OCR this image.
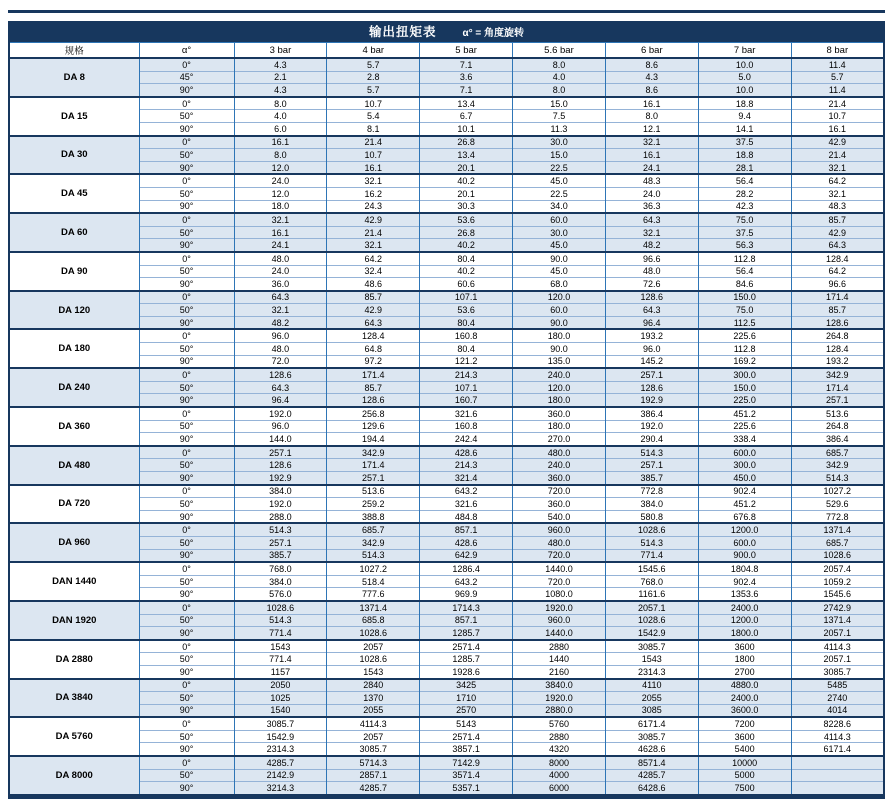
输出扭矩表	α° = 角度旋转
规格	α°	3 bar	4 bar	5 bar	5.6 bar	6 bar	7 bar	8 bar
DA 8	0°	4.3	5.7	7.1	8.0	8.6	10.0	11.4
	45°	2.1	2.8	3.6	4.0	4.3	5.0	5.7
	90°	4.3	5.7	7.1	8.0	8.6	10.0	11.4
DA 15	0°	8.0	10.7	13.4	15.0	16.1	18.8	21.4
	50°	4.0	5.4	6.7	7.5	8.0	9.4	10.7
	90°	6.0	8.1	10.1	11.3	12.1	14.1	16.1
DA 30	0°	16.1	21.4	26.8	30.0	32.1	37.5	42.9
	50°	8.0	10.7	13.4	15.0	16.1	18.8	21.4
	90°	12.0	16.1	20.1	22.5	24.1	28.1	32.1
DA 45	0°	24.0	32.1	40.2	45.0	48.3	56.4	64.2
	50°	12.0	16.2	20.1	22.5	24.0	28.2	32.1
	90°	18.0	24.3	30.3	34.0	36.3	42.3	48.3
DA 60	0°	32.1	42.9	53.6	60.0	64.3	75.0	85.7
	50°	16.1	21.4	26.8	30.0	32.1	37.5	42.9
	90°	24.1	32.1	40.2	45.0	48.2	56.3	64.3
DA 90	0°	48.0	64.2	80.4	90.0	96.6	112.8	128.4
	50°	24.0	32.4	40.2	45.0	48.0	56.4	64.2
	90°	36.0	48.6	60.6	68.0	72.6	84.6	96.6
DA 120	0°	64.3	85.7	107.1	120.0	128.6	150.0	171.4
	50°	32.1	42.9	53.6	60.0	64.3	75.0	85.7
	90°	48.2	64.3	80.4	90.0	96.4	112.5	128.6
DA 180	0°	96.0	128.4	160.8	180.0	193.2	225.6	264.8
	50°	48.0	64.8	80.4	90.0	96.0	112.8	128.4
	90°	72.0	97.2	121.2	135.0	145.2	169.2	193.2
DA 240	0°	128.6	171.4	214.3	240.0	257.1	300.0	342.9
	50°	64.3	85.7	107.1	120.0	128.6	150.0	171.4
	90°	96.4	128.6	160.7	180.0	192.9	225.0	257.1
DA 360	0°	192.0	256.8	321.6	360.0	386.4	451.2	513.6
	50°	96.0	129.6	160.8	180.0	192.0	225.6	264.8
	90°	144.0	194.4	242.4	270.0	290.4	338.4	386.4
DA 480	0°	257.1	342.9	428.6	480.0	514.3	600.0	685.7
	50°	128.6	171.4	214.3	240.0	257.1	300.0	342.9
	90°	192.9	257.1	321.4	360.0	385.7	450.0	514.3
DA 720	0°	384.0	513.6	643.2	720.0	772.8	902.4	1027.2
	50°	192.0	259.2	321.6	360.0	384.0	451.2	529.6
	90°	288.0	388.8	484.8	540.0	580.8	676.8	772.8
DA 960	0°	514.3	685.7	857.1	960.0	1028.6	1200.0	1371.4
	50°	257.1	342.9	428.6	480.0	514.3	600.0	685.7
	90°	385.7	514.3	642.9	720.0	771.4	900.0	1028.6
DAN 1440	0°	768.0	1027.2	1286.4	1440.0	1545.6	1804.8	2057.4
	50°	384.0	518.4	643.2	720.0	768.0	902.4	1059.2
	90°	576.0	777.6	969.9	1080.0	1161.6	1353.6	1545.6
DAN 1920	0°	1028.6	1371.4	1714.3	1920.0	2057.1	2400.0	2742.9
	50°	514.3	685.8	857.1	960.0	1028.6	1200.0	1371.4
	90°	771.4	1028.6	1285.7	1440.0	1542.9	1800.0	2057.1
DA 2880	0°	1543	2057	2571.4	2880	3085.7	3600	4114.3
	50°	771.4	1028.6	1285.7	1440	1543	1800	2057.1
	90°	1157	1543	1928.6	2160	2314.3	2700	3085.7
DA 3840	0°	2050	2840	3425	3840.0	4110	4880.0	5485
	50°	1025	1370	1710	1920.0	2055	2400.0	2740
	90°	1540	2055	2570	2880.0	3085	3600.0	4014
DA 5760	0°	3085.7	4114.3	5143	5760	6171.4	7200	8228.6
	50°	1542.9	2057	2571.4	2880	3085.7	3600	4114.3
	90°	2314.3	3085.7	3857.1	4320	4628.6	5400	6171.4
DA 8000	0°	4285.7	5714.3	7142.9	8000	8571.4	10000	
	50°	2142.9	2857.1	3571.4	4000	4285.7	5000	
	90°	3214.3	4285.7	5357.1	6000	6428.6	7500	
